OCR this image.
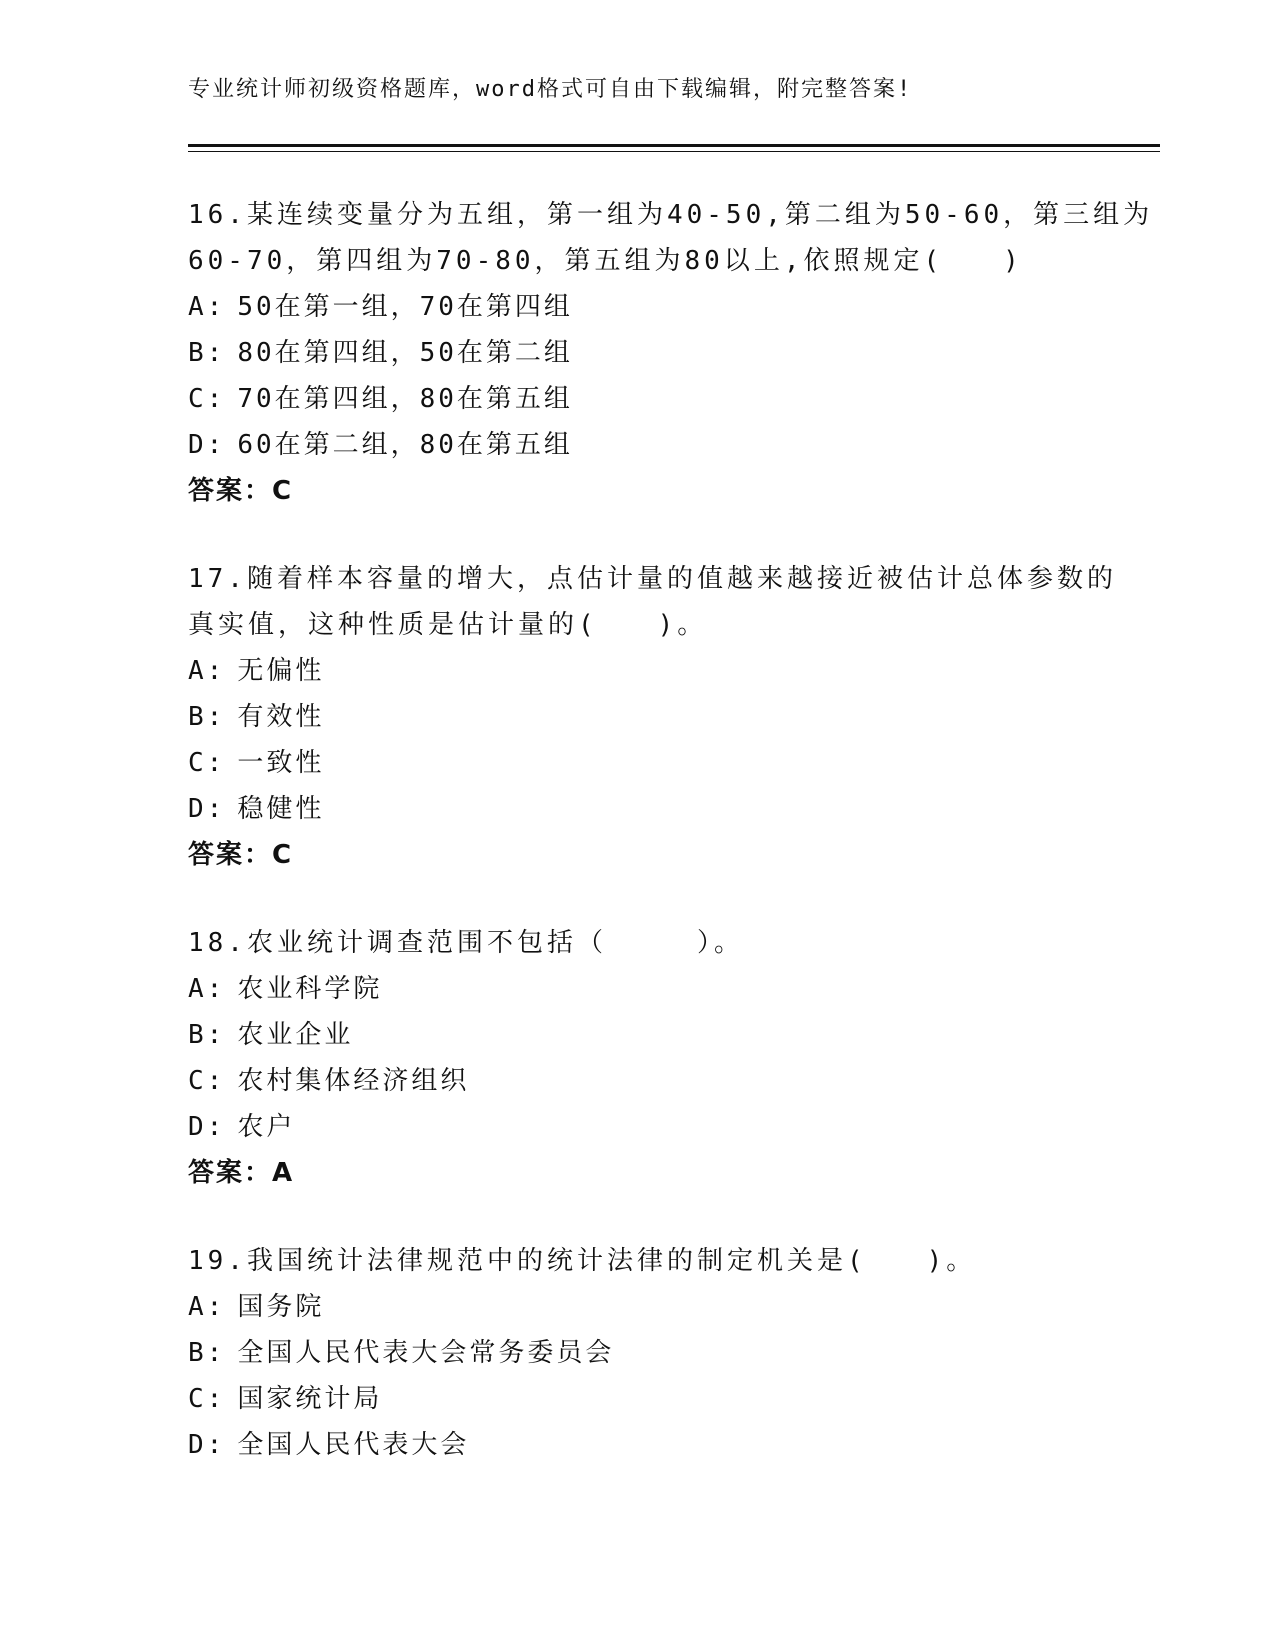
专业统计师初级资格题库，word格式可自由下载编辑，附完整答案!
16.某连续变量分为五组，第一组为40-50,第二组为50-60，第三组为
60-70，第四组为70-80，第五组为80以上,依照规定(　　)
A: 50在第一组，70在第四组
B: 80在第四组，50在第二组
C: 70在第四组，80在第五组
D: 60在第二组，80在第五组
答案：C
17.随着样本容量的增大，点估计量的值越来越接近被估计总体参数的
真实值，这种性质是估计量的(　　)。
A: 无偏性
B: 有效性
C: 一致性
D: 稳健性
答案：C
18.农业统计调查范围不包括（　　　）。
A: 农业科学院
B: 农业企业
C: 农村集体经济组织
D: 农户
答案：A
19.我国统计法律规范中的统计法律的制定机关是(　　)。
A: 国务院
B: 全国人民代表大会常务委员会
C: 国家统计局
D: 全国人民代表大会
